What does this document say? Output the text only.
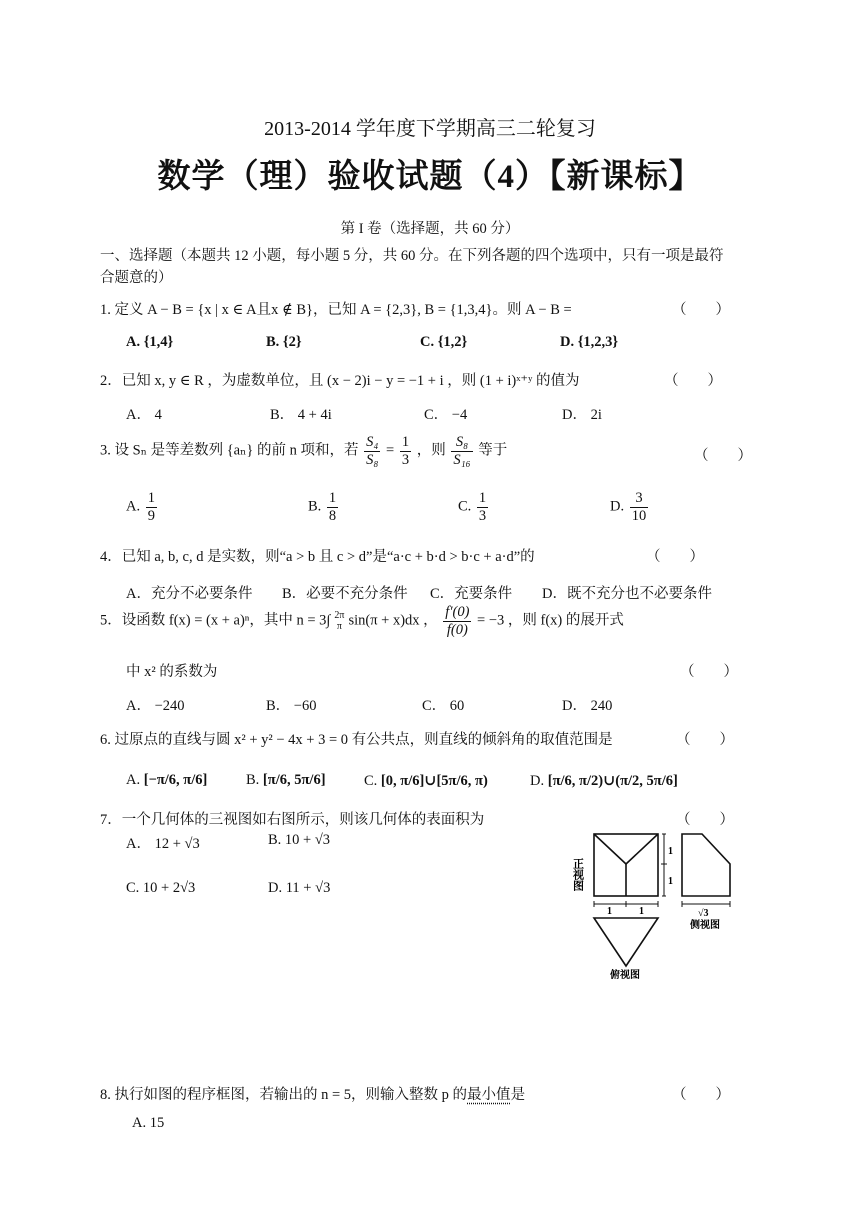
2013-2014 学年度下学期高三二轮复习
数学（理）验收试题（4）【新课标】
第 I 卷（选择题，共 60 分）
一、选择题（本题共 12 小题，每小题 5 分，共 60 分。在下列各题的四个选项中，只有一项是最符
合题意的）
1. 定义 A − B = {x | x ∈ A且x ∉ B}，已知 A = {2,3}, B = {1,3,4}。则 A − B =	（　　）
A. {1,4}	B. {2}	C. {1,2}	D. {1,2,3}
2．已知 x, y ∈ R ，为虚数单位，且 (x − 2)i − y = −1 + i ，则 (1 + i)ˣ⁺ʸ 的值为	（　　）
A． 4	B． 4 + 4i	C． −4	D． 2i
3. 设 Sₙ 是等差数列 {aₙ} 的前 n 项和，若 $\frac{\text{S₄}}{\text{S₈}} = \frac{1}{3}$ ，则 $\frac{\text{S₈}}{\text{S₁₆}}$ 等于	（　　）
A. $\frac{1}{9}$	B. $\frac{1}{8}$	C. $\frac{1}{3}$	D. $\frac{3}{10}$
4．已知 a, b, c, d 是实数，则“a > b 且 c > d”是“a·c + b·d > b·c + a·d”的	（　　）
A．充分不必要条件 B．必要不充分条件 C．充要条件 D．既不充分也不必要条件
5．设函数 f(x) = (x + a)ⁿ，其中 n = 3∫ 2π
π sin(π + x)dx ， $\frac{f'(0)}{f(0)} = -3$ ，则 f(x) 的展开式
中 x² 的系数为	（　　）
A． −240	B． −60	C． 60	D． 240
6. 过原点的直线与圆 x² + y² − 4x + 3 = 0 有公共点，则直线的倾斜角的取值范围是	（　　）
A. [−π/6, π/6]	B. [π/6, 5π/6]	C. [0, π/6]∪[5π/6, π)	D. [π/6, π/2)∪(π/2, 5π/6]
7．一个几何体的三视图如右图所示，则该几何体的表面积为	（　　）
A． 12 + √3	B. 10 + √3
C. 10 + 2√3	D. 11 + √3	正视图
1
1
√3
侧视图
1	1
俯视图
8. 执行如图的程序框图，若输出的 n = 5，则输入整数 p 的最小值是	（　　）
A. 15
